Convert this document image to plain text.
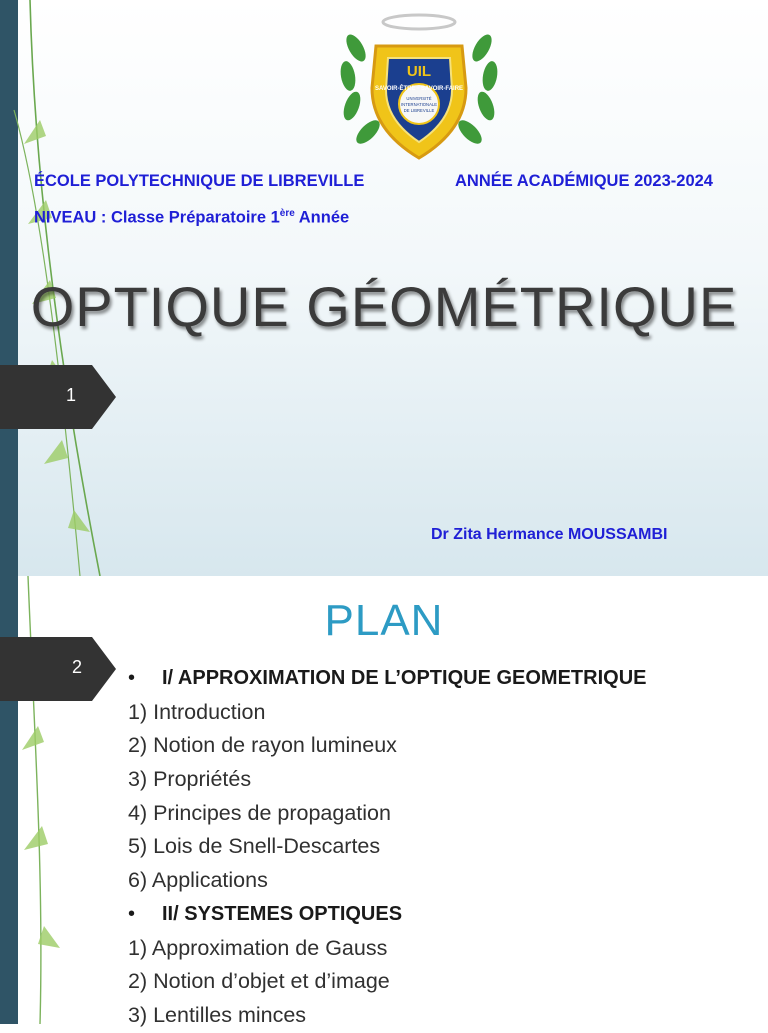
UIL
SAVOIR-ÊTRE · SAVOIR-FAIRE
UNIVERSITÉ
INTERNATIONALE
DE LIBREVILLE
ÉCOLE POLYTECHNIQUE DE LIBREVILLE	ANNÉE ACADÉMIQUE 2023-2024
NIVEAU : Classe Préparatoire 1ère Année
OPTIQUE GÉOMÉTRIQUE
1
Dr Zita Hermance MOUSSAMBI
2
PLAN
• I/ APPROXIMATION DE L’OPTIQUE GEOMETRIQUE
1) Introduction
2) Notion de rayon lumineux
3) Propriétés
4) Principes de propagation
5) Lois de Snell-Descartes
6) Applications
• II/ SYSTEMES OPTIQUES
1) Approximation de Gauss
2) Notion d’objet et d’image
3) Lentilles minces
